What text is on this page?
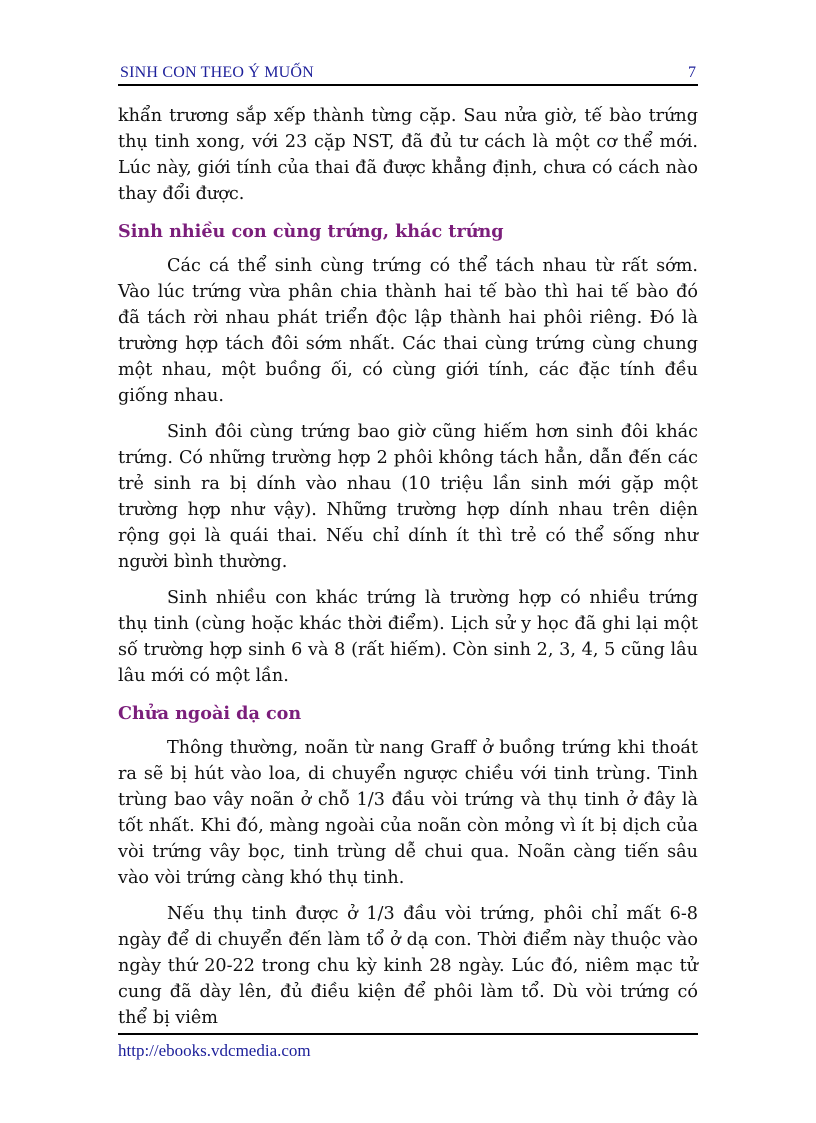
SINH CON THEO Ý MUỐN	7

khẩn trương sắp xếp thành từng cặp. Sau nửa giờ, tế bào trứng thụ tinh xong, với 23 cặp NST, đã đủ tư cách là một cơ thể mới. Lúc này, giới tính của thai đã được khẳng định, chưa có cách nào thay đổi được.

Sinh nhiều con cùng trứng, khác trứng

Các cá thể sinh cùng trứng có thể tách nhau từ rất sớm. Vào lúc trứng vừa phân chia thành hai tế bào thì hai tế bào đó đã tách rời nhau phát triển độc lập thành hai phôi riêng. Đó là trường hợp tách đôi sớm nhất. Các thai cùng trứng cùng chung một nhau, một buồng ối, có cùng giới tính, các đặc tính đều giống nhau.

Sinh đôi cùng trứng bao giờ cũng hiếm hơn sinh đôi khác trứng. Có những trường hợp 2 phôi không tách hẳn, dẫn đến các trẻ sinh ra bị dính vào nhau (10 triệu lần sinh mới gặp một trường hợp như vậy). Những trường hợp dính nhau trên diện rộng gọi là quái thai. Nếu chỉ dính ít thì trẻ có thể sống như người bình thường.

Sinh nhiều con khác trứng là trường hợp có nhiều trứng thụ tinh (cùng hoặc khác thời điểm). Lịch sử y học đã ghi lại một số trường hợp sinh 6 và 8 (rất hiếm). Còn sinh 2, 3, 4, 5 cũng lâu lâu mới có một lần.

Chửa ngoài dạ con

Thông thường, noãn từ nang Graff ở buồng trứng khi thoát ra sẽ bị hút vào loa, di chuyển ngược chiều với tinh trùng. Tinh trùng bao vây noãn ở chỗ 1/3 đầu vòi trứng và thụ tinh ở đây là tốt nhất. Khi đó, màng ngoài của noãn còn mỏng vì ít bị dịch của vòi trứng vây bọc, tinh trùng dễ chui qua. Noãn càng tiến sâu vào vòi trứng càng khó thụ tinh.

Nếu thụ tinh được ở 1/3 đầu vòi trứng, phôi chỉ mất 6-8 ngày để di chuyển đến làm tổ ở dạ con. Thời điểm này thuộc vào ngày thứ 20-22 trong chu kỳ kinh 28 ngày. Lúc đó, niêm mạc tử cung đã dày lên, đủ điều kiện để phôi làm tổ. Dù vòi trứng có thể bị viêm

http://ebooks.vdcmedia.com
